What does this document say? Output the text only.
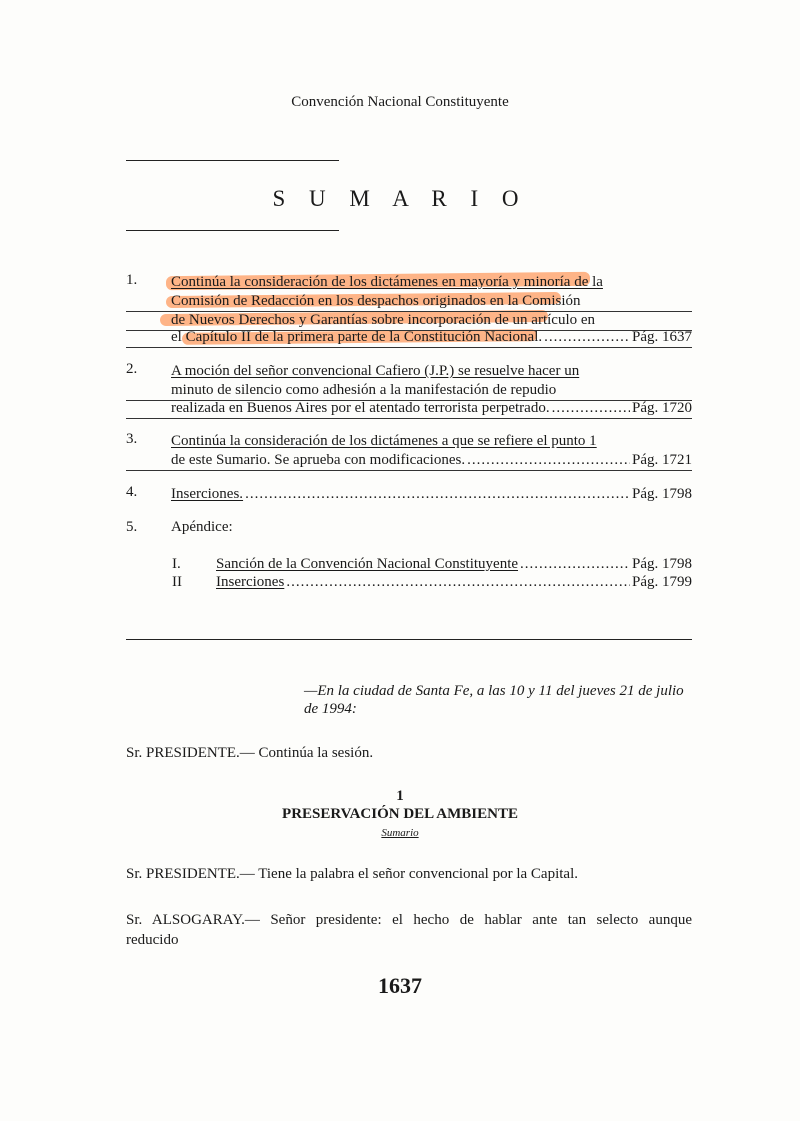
Convención Nacional Constituyente
S U M A R I O
1.	Continúa la consideración de los dictámenes en mayoría y minoría de la
Comisión de Redacción en los despachos originados en la Comisión
de Nuevos Derechos y Garantías sobre incorporación de un artículo en
el Capítulo II de la primera parte de la Constitución Nacional. .....	Pág. 1637
2.	A moción del señor convencional Cafiero (J.P.) se resuelve hacer un
minuto de silencio como adhesión a la manifestación de repudio
realizada en Buenos Aires por el atentado terrorista perpetrado. .....	Pág. 1720
3.	Continúa la consideración de los dictámenes a que se refiere el punto 1
de este Sumario. Se aprueba con modificaciones. .....	Pág. 1721
4.	Inserciones. .....	Pág. 1798
5. Apéndice:
I.	Sanción de la Convención Nacional Constituyente .....	Pág. 1798
II	Inserciones .....	Pág. 1799
—En la ciudad de Santa Fe, a las 10 y 11 del jueves 21 de julio
de 1994:
Sr. PRESIDENTE.— Continúa la sesión.
1
PRESERVACIÓN DEL AMBIENTE
Sumario
Sr. PRESIDENTE.— Tiene la palabra el señor convencional por la Capital.
Sr. ALSOGARAY.— Señor presidente: el hecho de hablar ante tan selecto aunque reducido
1637
